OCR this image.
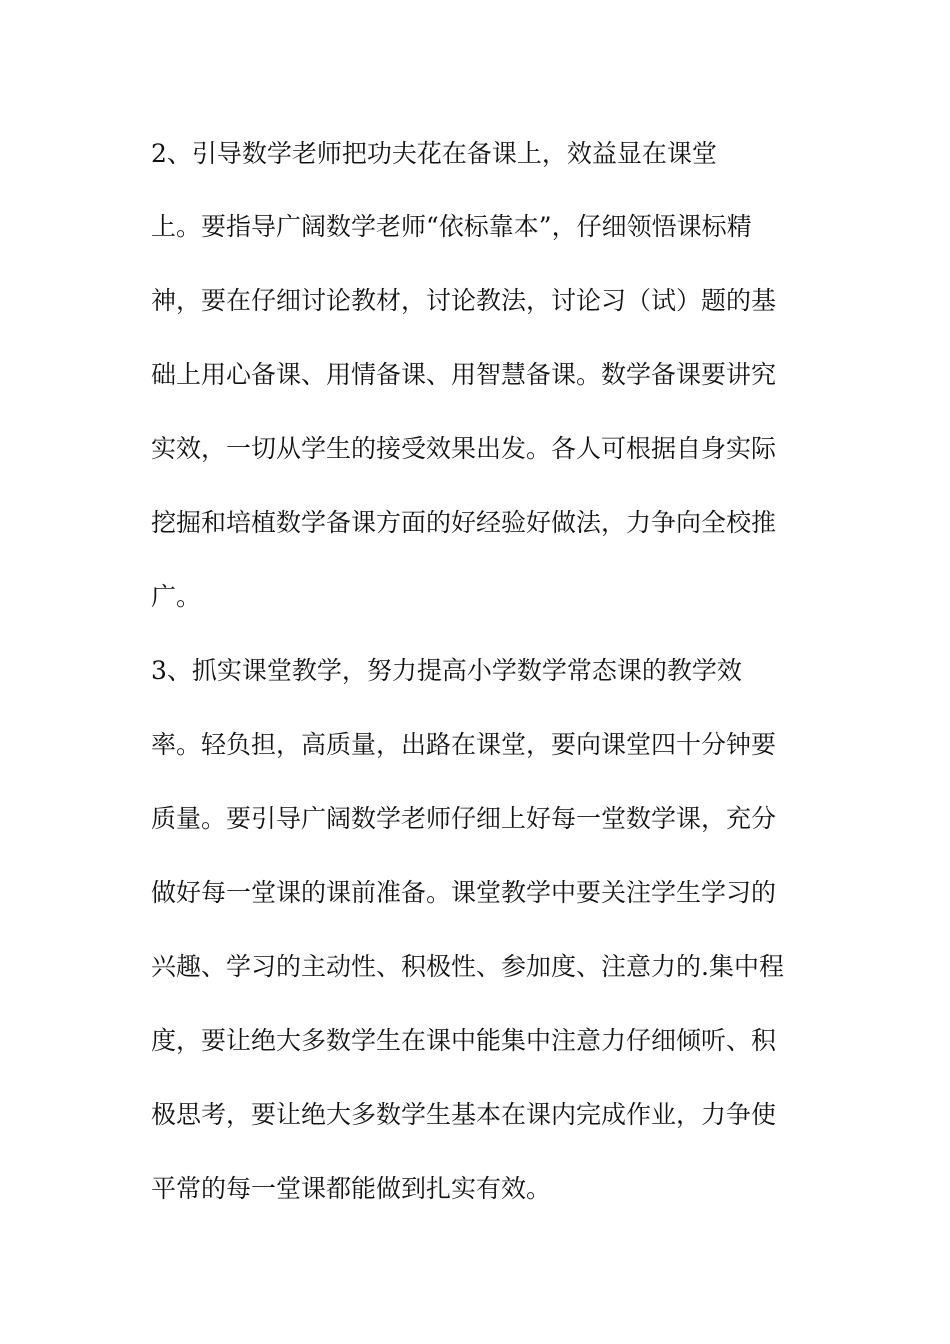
2、引导数学老师把功夫花在备课上，效益显在课堂

上。要指导广阔数学老师“依标靠本”，仔细领悟课标精

神，要在仔细讨论教材，讨论教法，讨论习（试）题的基

础上用心备课、用情备课、用智慧备课。数学备课要讲究

实效，一切从学生的接受效果出发。各人可根据自身实际

挖掘和培植数学备课方面的好经验好做法，力争向全校推

广。

3、抓实课堂教学，努力提高小学数学常态课的教学效

率。轻负担，高质量，出路在课堂，要向课堂四十分钟要

质量。要引导广阔数学老师仔细上好每一堂数学课，充分

做好每一堂课的课前准备。课堂教学中要关注学生学习的

兴趣、学习的主动性、积极性、参加度、注意力的.集中程

度，要让绝大多数学生在课中能集中注意力仔细倾听、积

极思考，要让绝大多数学生基本在课内完成作业，力争使

平常的每一堂课都能做到扎实有效。
